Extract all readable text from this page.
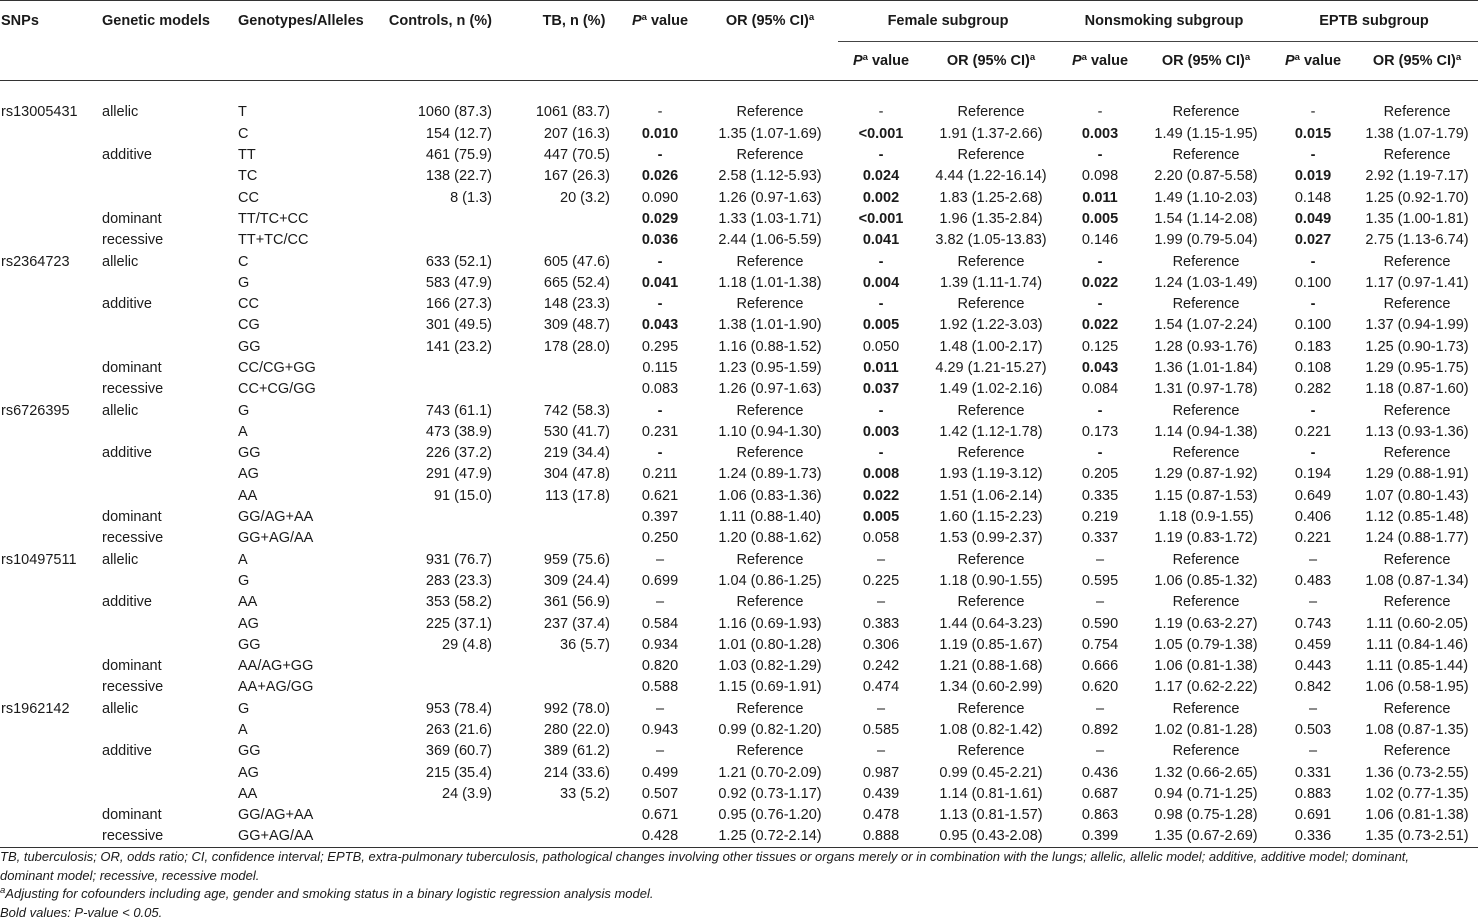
SNPs	Genetic models	Genotypes/Alleles	Controls, n (%)	TB, n (%)	$P^a$ value	OR (95% CI)$^a$	Female subgroup		Nonsmoking subgroup		EPTB subgroup	
							$P^a$ value	OR (95% CI)$^a$	$P^a$ value	OR (95% CI)$^a$	$P^a$ value	OR (95% CI)$^a$

rs13005431	allelic	T	1060 (87.3)	1061 (83.7)	-	Reference	-	Reference	-	Reference	-	Reference
		C	154 (12.7)	207 (16.3)	0.010	1.35 (1.07-1.69)	<0.001	1.91 (1.37-2.66)	0.003	1.49 (1.15-1.95)	0.015	1.38 (1.07-1.79)
	additive	TT	461 (75.9)	447 (70.5)	-	Reference	-	Reference	-	Reference	-	Reference
		TC	138 (22.7)	167 (26.3)	0.026	2.58 (1.12-5.93)	0.024	4.44 (1.22-16.14)	0.098	2.20 (0.87-5.58)	0.019	2.92 (1.19-7.17)
		CC	8 (1.3)	20 (3.2)	0.090	1.26 (0.97-1.63)	0.002	1.83 (1.25-2.68)	0.011	1.49 (1.10-2.03)	0.148	1.25 (0.92-1.70)
	dominant	TT/TC+CC			0.029	1.33 (1.03-1.71)	<0.001	1.96 (1.35-2.84)	0.005	1.54 (1.14-2.08)	0.049	1.35 (1.00-1.81)
	recessive	TT+TC/CC			0.036	2.44 (1.06-5.59)	0.041	3.82 (1.05-13.83)	0.146	1.99 (0.79-5.04)	0.027	2.75 (1.13-6.74)
rs2364723	allelic	C	633 (52.1)	605 (47.6)	-	Reference	-	Reference	-	Reference	-	Reference
		G	583 (47.9)	665 (52.4)	0.041	1.18 (1.01-1.38)	0.004	1.39 (1.11-1.74)	0.022	1.24 (1.03-1.49)	0.100	1.17 (0.97-1.41)
	additive	CC	166 (27.3)	148 (23.3)	-	Reference	-	Reference	-	Reference	-	Reference
		CG	301 (49.5)	309 (48.7)	0.043	1.38 (1.01-1.90)	0.005	1.92 (1.22-3.03)	0.022	1.54 (1.07-2.24)	0.100	1.37 (0.94-1.99)
		GG	141 (23.2)	178 (28.0)	0.295	1.16 (0.88-1.52)	0.050	1.48 (1.00-2.17)	0.125	1.28 (0.93-1.76)	0.183	1.25 (0.90-1.73)
	dominant	CC/CG+GG			0.115	1.23 (0.95-1.59)	0.011	4.29 (1.21-15.27)	0.043	1.36 (1.01-1.84)	0.108	1.29 (0.95-1.75)
	recessive	CC+CG/GG			0.083	1.26 (0.97-1.63)	0.037	1.49 (1.02-2.16)	0.084	1.31 (0.97-1.78)	0.282	1.18 (0.87-1.60)
rs6726395	allelic	G	743 (61.1)	742 (58.3)	-	Reference	-	Reference	-	Reference	-	Reference
		A	473 (38.9)	530 (41.7)	0.231	1.10 (0.94-1.30)	0.003	1.42 (1.12-1.78)	0.173	1.14 (0.94-1.38)	0.221	1.13 (0.93-1.36)
	additive	GG	226 (37.2)	219 (34.4)	-	Reference	-	Reference	-	Reference	-	Reference
		AG	291 (47.9)	304 (47.8)	0.211	1.24 (0.89-1.73)	0.008	1.93 (1.19-3.12)	0.205	1.29 (0.87-1.92)	0.194	1.29 (0.88-1.91)
		AA	91 (15.0)	113 (17.8)	0.621	1.06 (0.83-1.36)	0.022	1.51 (1.06-2.14)	0.335	1.15 (0.87-1.53)	0.649	1.07 (0.80-1.43)
	dominant	GG/AG+AA			0.397	1.11 (0.88-1.40)	0.005	1.60 (1.15-2.23)	0.219	1.18 (0.9-1.55)	0.406	1.12 (0.85-1.48)
	recessive	GG+AG/AA			0.250	1.20 (0.88-1.62)	0.058	1.53 (0.99-2.37)	0.337	1.19 (0.83-1.72)	0.221	1.24 (0.88-1.77)
rs10497511	allelic	A	931 (76.7)	959 (75.6)	–	Reference	–	Reference	–	Reference	–	Reference
		G	283 (23.3)	309 (24.4)	0.699	1.04 (0.86-1.25)	0.225	1.18 (0.90-1.55)	0.595	1.06 (0.85-1.32)	0.483	1.08 (0.87-1.34)
	additive	AA	353 (58.2)	361 (56.9)	–	Reference	–	Reference	–	Reference	–	Reference
		AG	225 (37.1)	237 (37.4)	0.584	1.16 (0.69-1.93)	0.383	1.44 (0.64-3.23)	0.590	1.19 (0.63-2.27)	0.743	1.11 (0.60-2.05)
		GG	29 (4.8)	36 (5.7)	0.934	1.01 (0.80-1.28)	0.306	1.19 (0.85-1.67)	0.754	1.05 (0.79-1.38)	0.459	1.11 (0.84-1.46)
	dominant	AA/AG+GG			0.820	1.03 (0.82-1.29)	0.242	1.21 (0.88-1.68)	0.666	1.06 (0.81-1.38)	0.443	1.11 (0.85-1.44)
	recessive	AA+AG/GG			0.588	1.15 (0.69-1.91)	0.474	1.34 (0.60-2.99)	0.620	1.17 (0.62-2.22)	0.842	1.06 (0.58-1.95)
rs1962142	allelic	G	953 (78.4)	992 (78.0)	–	Reference	–	Reference	–	Reference	–	Reference
		A	263 (21.6)	280 (22.0)	0.943	0.99 (0.82-1.20)	0.585	1.08 (0.82-1.42)	0.892	1.02 (0.81-1.28)	0.503	1.08 (0.87-1.35)
	additive	GG	369 (60.7)	389 (61.2)	–	Reference	–	Reference	–	Reference	–	Reference
		AG	215 (35.4)	214 (33.6)	0.499	1.21 (0.70-2.09)	0.987	0.99 (0.45-2.21)	0.436	1.32 (0.66-2.65)	0.331	1.36 (0.73-2.55)
		AA	24 (3.9)	33 (5.2)	0.507	0.92 (0.73-1.17)	0.439	1.14 (0.81-1.61)	0.687	0.94 (0.71-1.25)	0.883	1.02 (0.77-1.35)
	dominant	GG/AG+AA			0.671	0.95 (0.76-1.20)	0.478	1.13 (0.81-1.57)	0.863	0.98 (0.75-1.28)	0.691	1.06 (0.81-1.38)
	recessive	GG+AG/AA			0.428	1.25 (0.72-2.14)	0.888	0.95 (0.43-2.08)	0.399	1.35 (0.67-2.69)	0.336	1.35 (0.73-2.51)
TB, tuberculosis; OR, odds ratio; CI, confidence interval; EPTB, extra-pulmonary tuberculosis, pathological changes involving other tissues or organs merely or in combination with the lungs; allelic, allelic model; additive, additive model; dominant, dominant model; recessive, recessive model.
$^a$Adjusting for cofounders including age, gender and smoking status in a binary logistic regression analysis model.
Bold values: P-value < 0.05.
